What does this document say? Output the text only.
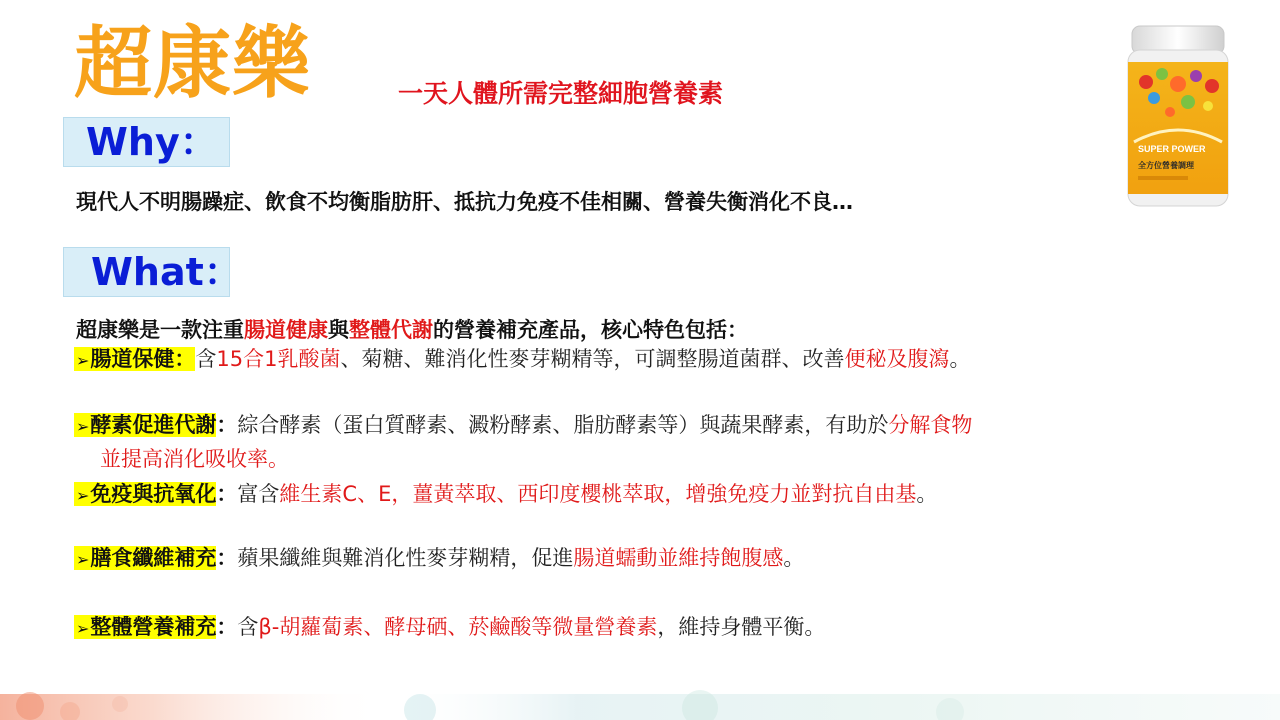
超康樂	一天人體所需完整細胞營養素
SUPER POWER
全方位營養調理
Why：
現代人不明腸躁症、飲食不均衡脂肪肝、抵抗力免疫不佳相關、營養失衡消化不良…
What：
超康樂是一款注重腸道健康與整體代謝的營養補充產品，核心特色包括：
➢腸道保健：含15合1乳酸菌、菊糖、難消化性麥芽糊精等，可調整腸道菌群、改善便秘及腹瀉。
➢酵素促進代謝：綜合酵素（蛋白質酵素、澱粉酵素、脂肪酵素等）與蔬果酵素，有助於分解食物
並提高消化吸收率。
➢免疫與抗氧化：富含維生素C、E，薑黃萃取、西印度櫻桃萃取，增強免疫力並對抗自由基。
➢膳食纖維補充：蘋果纖維與難消化性麥芽糊精，促進腸道蠕動並維持飽腹感。
➢整體營養補充：含β-胡蘿蔔素、酵母硒、菸鹼酸等微量營養素，維持身體平衡。
